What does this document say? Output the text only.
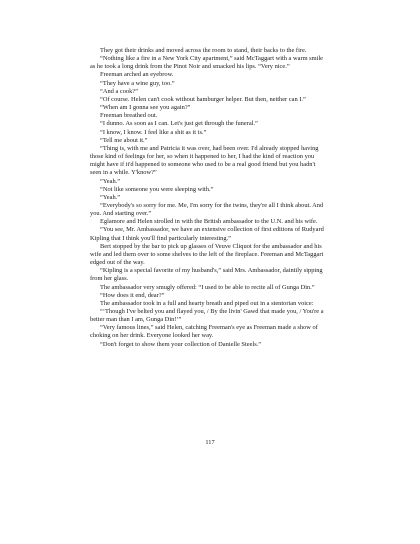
They got their drinks and moved across the room to stand, their backs to the fire.

“Nothing like a fire in a New York City apartment,” said McTaggart with a warm smile as he took a long drink from the Pinot Noir and smacked his lips. “Very nice.”

Freeman arched an eyebrow.

“They have a wine guy, too.”

“And a cook?”

“Of course. Helen can't cook without hamburger helper. But then, neither can I.”

“When am I gonna see you again?”

Freeman breathed out.

“I dunno. As soon as I can. Let's just get through the funeral.”

“I know, I know. I feel like a shit as it is.”

“Tell me about it.”

“Thing is, with me and Patricia it was over, had been over. I'd already stopped having those kind of feelings for her, so when it happened to her, I had the kind of reaction you might have if it'd happened to someone who used to be a real good friend but you hadn't seen in a while. Y'know?”

“Yeah.”

“Not like someone you were sleeping with.”

“Yeah.”

“Everybody's so sorry for me. Me, I'm sorry for the twins, they're all I think about. And you. And starting over.”

Eglamore and Helen strolled in with the British ambassador to the U.N. and his wife.

“You see, Mr. Ambassador, we have an extensive collection of first editions of Rudyard Kipling that I think you'll find particularly interesting.”

Bert stopped by the bar to pick up glasses of Veuve Cliquot for the ambassador and his wife and led them over to some shelves to the left of the fireplace. Freeman and McTaggart edged out of the way.

“Kipling is a special favorite of my husband's,” said Mrs. Ambassador, daintily sipping from her glass.

The ambassador very smugly offered: “I used to be able to recite all of Gunga Din.”

“How does it end, dear?”

The ambassador took in a full and hearty breath and piped out in a stentorian voice:

“‘Though I've belted you and flayed you, / By the livin' Gawd that made you, / You're a better man than I am, Gunga Din!’”

“Very famous lines,” said Helen, catching Freeman's eye as Freeman made a show of choking on her drink. Everyone looked her way.

“Don't forget to show them your collection of Danielle Steels.”

117
